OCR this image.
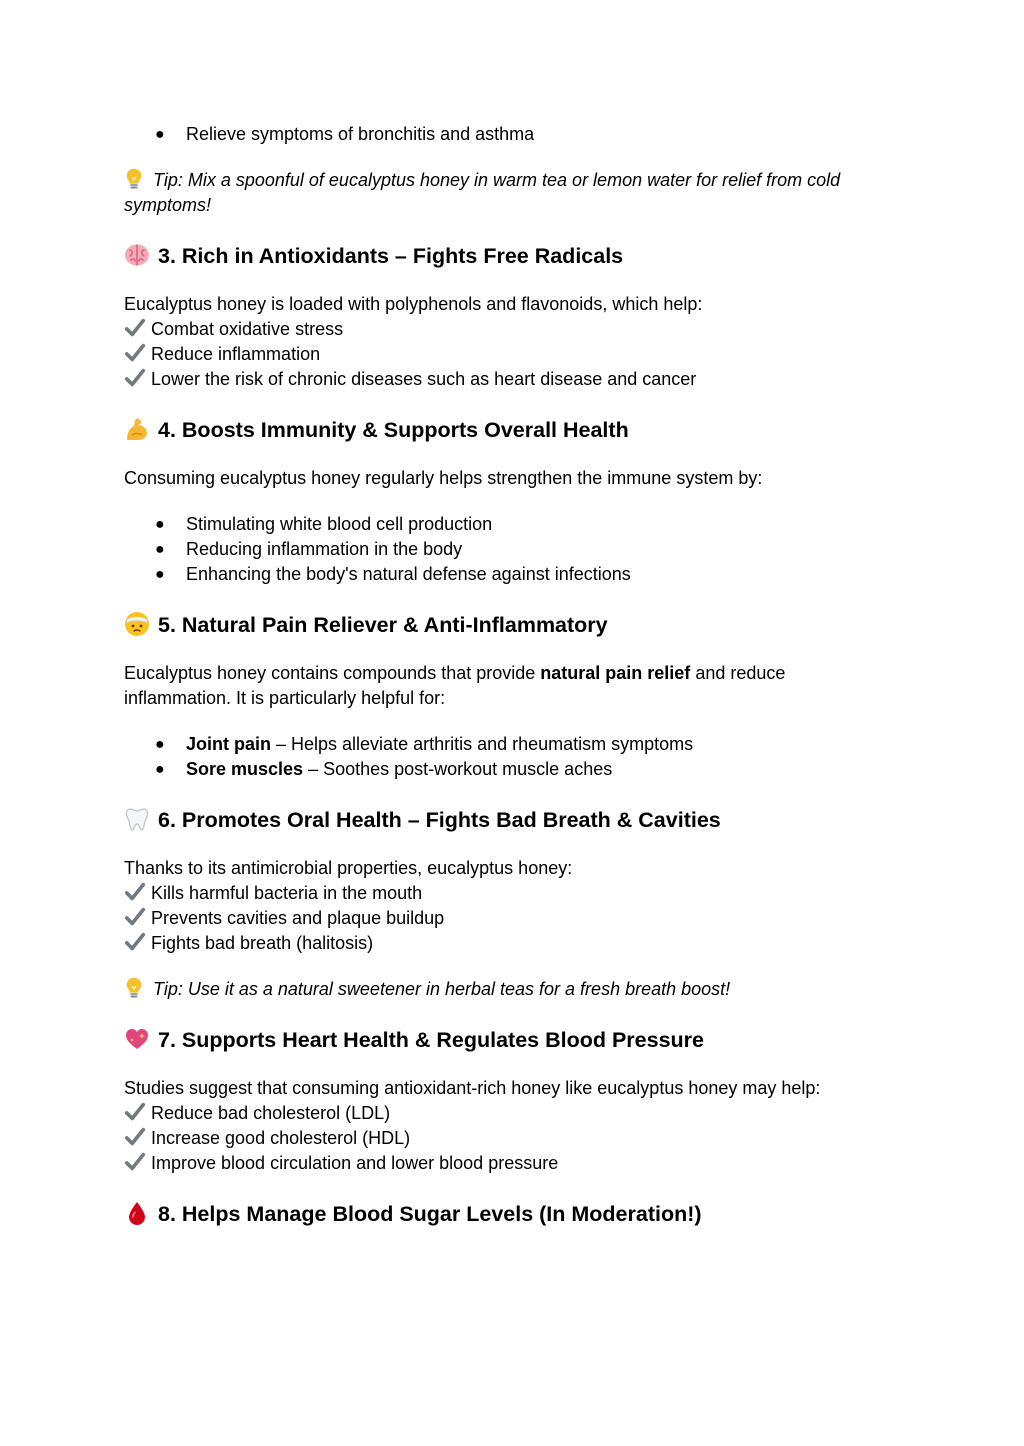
● Relieve symptoms of bronchitis and asthma
Tip: Mix a spoonful of eucalyptus honey in warm tea or lemon water for relief from cold
symptoms!
3. Rich in Antioxidants – Fights Free Radicals
Eucalyptus honey is loaded with polyphenols and flavonoids, which help:
Combat oxidative stress
Reduce inflammation
Lower the risk of chronic diseases such as heart disease and cancer
4. Boosts Immunity & Supports Overall Health
Consuming eucalyptus honey regularly helps strengthen the immune system by:
● Stimulating white blood cell production
● Reducing inflammation in the body
● Enhancing the body's natural defense against infections
5. Natural Pain Reliever & Anti-Inflammatory
Eucalyptus honey contains compounds that provide natural pain relief and reduce
inflammation. It is particularly helpful for:
● Joint pain – Helps alleviate arthritis and rheumatism symptoms
● Sore muscles – Soothes post-workout muscle aches
6. Promotes Oral Health – Fights Bad Breath & Cavities
Thanks to its antimicrobial properties, eucalyptus honey:
Kills harmful bacteria in the mouth
Prevents cavities and plaque buildup
Fights bad breath (halitosis)
Tip: Use it as a natural sweetener in herbal teas for a fresh breath boost!
7. Supports Heart Health & Regulates Blood Pressure
Studies suggest that consuming antioxidant-rich honey like eucalyptus honey may help:
Reduce bad cholesterol (LDL)
Increase good cholesterol (HDL)
Improve blood circulation and lower blood pressure
8. Helps Manage Blood Sugar Levels (In Moderation!)
